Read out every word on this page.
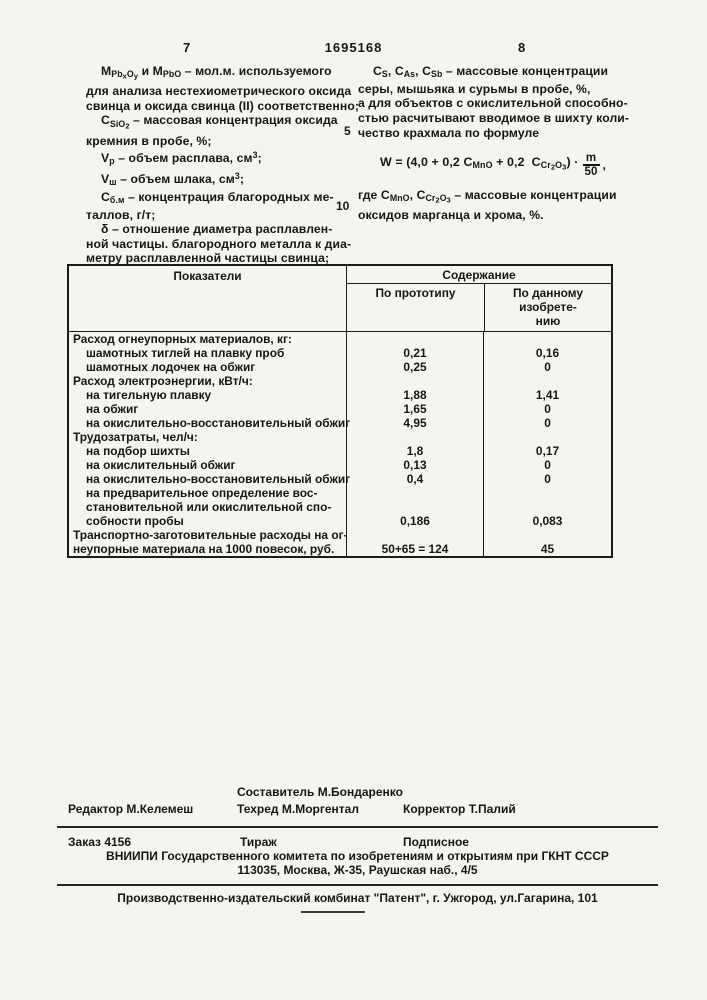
1695168
7	8
5
10
$M_{Pb_xO_y}$ и $M_{PbO} - мол.м$. используемого
для анализа нестехиометрического оксида
свинца и оксида свинца (II) соответственно;
$C_{SiO_2}$ – массовая концентрация оксида
кремния в пробе, %;
$V_р$ – объем расплава, $см^3$;
$V_ш$ – объем шлака, $см^3$;
$C_{б.м}$ – концентрация благородных ме-
таллов, г/т;
δ – отношение диаметра расплавлен-
ной частицы. благородного металла к диа-
метру расплавленной частицы свинца;
$C_S$, $C_{As}$, $C_{Sb}$ – массовые концентрации
серы, мышьяка и сурьмы в пробе, %,
а для объектов с окислительной способно-
стью расчитывают вводимое в шихту коли-
чество крахмала по формуле
W = (4,0 + 0,2 $C_{MnO} + 0,2$  $C_{Cr_2O_3}) \cdot \frac{m}{50}$ ,
где $C_{MnO}$, $C_{Cr_2O_3}$ – массовые концентрации
оксидов марганца и хрома, %.
Показатели	Содержание
По прототипу	По данному изобрете-
нию
Расход огнеупорных материалов, кг:
шамотных тиглей на плавку проб	0,21	0,16
шамотных лодочек на обжиг	0,25	0
Расход электроэнергии, кВт/ч:
на тигельную плавку	1,88	1,41
на обжиг	1,65	0
на окислительно-восстановительный обжиг	4,95	0
Трудозатраты, чел/ч:
на подбор шихты	1,8	0,17
на окислительный обжиг	0,13	0
на окислительно-восстановительный обжиг	0,4	0
на предварительное определение вос-
становительной или окислительной спо-
собности пробы	0,186	0,083
Транспортно-заготовительные расходы на ог-
неупорные материала на 1000 повесок, руб.	50+65 = 124	45
Составитель М.Бондаренко
Редактор М.Келемеш	Техред М.Моргентал	Корректор Т.Палий
Заказ 4156	Тираж	Подписное
ВНИИПИ Государственного комитета по изобретениям и открытиям при ГКНТ СССР
113035, Москва, Ж-35, Раушская наб., 4/5
Производственно-издательский комбинат "Патент", г. Ужгород, ул.Гагарина, 101
